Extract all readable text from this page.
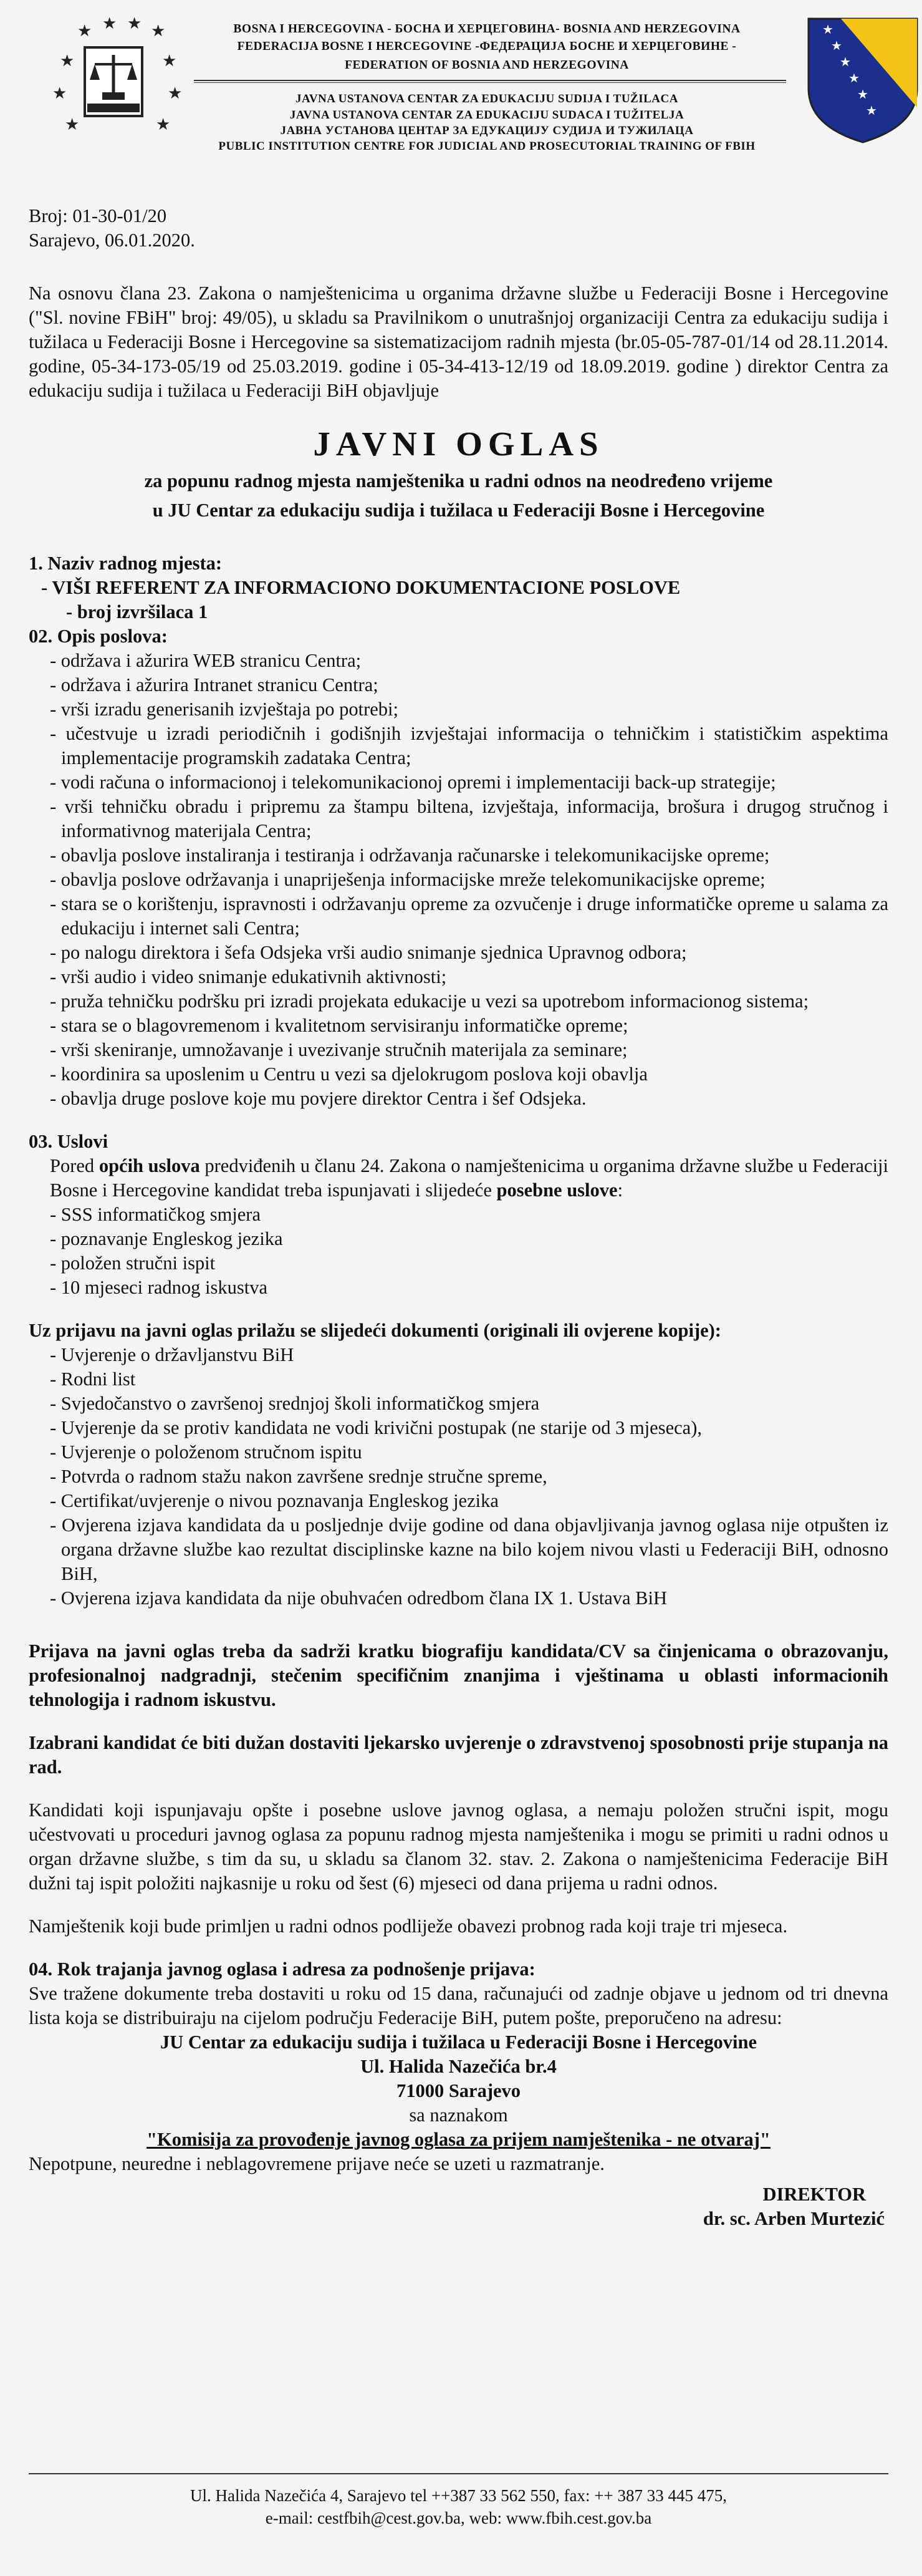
★ ★ ★ ★
★	★
★	★
★	★
BOSNA I HERCEGOVINA - БОСНА И ХЕРЦЕГОВИНА- BOSNIA AND HERZEGOVINA
FEDERACIJA BOSNE I HERCEGOVINE -ФЕДЕРАЦИЈА БОСНЕ И ХЕРЦЕГОВИНЕ -
FEDERATION OF BOSNIA AND HERZEGOVINA
JAVNA USTANOVA CENTAR ZA EDUKACIJU SUDIJA I TUŽILACA
JAVNA USTANOVA CENTAR ZA EDUKACIJU SUDACA I TUŽITELJA
ЈАВНА УСТАНОВА ЦЕНТАР ЗА ЕДУКАЦИЈУ СУДИЈА И ТУЖИЛАЦА
PUBLIC INSTITUTION CENTRE FOR JUDICIAL AND PROSECUTORIAL TRAINING OF FBIH
★
★
★
★
★
★

Broj: 01-30-01/20

Sarajevo, 06.01.2020.

Na osnovu člana 23. Zakona o namještenicima u organima državne službe u Federaciji Bosne i Hercegovine ("Sl. novine FBiH" broj: 49/05), u skladu sa Pravilnikom o unutrašnjoj organizaciji Centra za edukaciju sudija i tužilaca u Federaciji Bosne i Hercegovine sa sistematizacijom radnih mjesta (br.05-05-787-01/14 od 28.11.2014. godine, 05-34-173-05/19 od 25.03.2019. godine i 05-34-413-12/19 od 18.09.2019. godine ) direktor Centra za edukaciju sudija i tužilaca u Federaciji BiH objavljuje

JAVNI OGLAS
za popunu radnog mjesta namještenika u radni odnos na neodređeno vrijeme
u JU Centar za edukaciju sudija i tužilaca u Federaciji Bosne i Hercegovine

1. Naziv radnog mjesta:

- VIŠI REFERENT ZA INFORMACIONO DOKUMENTACIONE POSLOVE

- broj izvršilaca 1

02. Opis poslova:

- održava i ažurira WEB stranicu Centra;
- održava i ažurira Intranet stranicu Centra;
- vrši izradu generisanih izvještaja po potrebi;
- učestvuje u izradi periodičnih i godišnjih izvještajai informacija o tehničkim i statističkim aspektima implementacije programskih zadataka Centra;
- vodi računa o informacionoj i telekomunikacionoj opremi i implementaciji back-up strategije;
- vrši tehničku obradu i pripremu za štampu biltena, izvještaja, informacija, brošura i drugog stručnog i informativnog materijala Centra;
- obavlja poslove instaliranja i testiranja i održavanja računarske i telekomunikacijske opreme;
- obavlja poslove održavanja i unapriješenja informacijske mreže telekomunikacijske opreme;
- stara se o korištenju, ispravnosti i održavanju opreme za ozvučenje i druge informatičke opreme u salama za edukaciju i internet sali Centra;
- po nalogu direktora i šefa Odsjeka vrši audio snimanje sjednica Upravnog odbora;
- vrši audio i video snimanje edukativnih aktivnosti;
- pruža tehničku podršku pri izradi projekata edukacije u vezi sa upotrebom informacionog sistema;
- stara se o blagovremenom i kvalitetnom servisiranju informatičke opreme;
- vrši skeniranje, umnožavanje i uvezivanje stručnih materijala za seminare;
- koordinira sa uposlenim u Centru u vezi sa djelokrugom poslova koji obavlja
- obavlja druge poslove koje mu povjere direktor Centra i šef Odsjeka.

03. Uslovi

Pored općih uslova predviđenih u članu 24. Zakona o namještenicima u organima državne službe u Federaciji Bosne i Hercegovine kandidat treba ispunjavati i slijedeće posebne uslove:

- SSS informatičkog smjera
- poznavanje Engleskog jezika
- položen stručni ispit
- 10 mjeseci radnog iskustva

Uz prijavu na javni oglas prilažu se slijedeći dokumenti (originali ili ovjerene kopije):

- Uvjerenje o državljanstvu BiH
- Rodni list
- Svjedočanstvo o završenoj srednjoj školi informatičkog smjera
- Uvjerenje da se protiv kandidata ne vodi krivični postupak (ne starije od 3 mjeseca),
- Uvjerenje o položenom stručnom ispitu
- Potvrda o radnom stažu nakon završene srednje stručne spreme,
- Certifikat/uvjerenje o nivou poznavanja Engleskog jezika
- Ovjerena izjava kandidata da u posljednje dvije godine od dana objavljivanja javnog oglasa nije otpušten iz organa državne službe kao rezultat disciplinske kazne na bilo kojem nivou vlasti u Federaciji BiH, odnosno BiH,
- Ovjerena izjava kandidata da nije obuhvaćen odredbom člana IX 1. Ustava BiH

Prijava na javni oglas treba da sadrži kratku biografiju kandidata/CV sa činjenicama o obrazovanju, profesionalnoj nadgradnji, stečenim specifičnim znanjima i vještinama u oblasti informacionih tehnologija i radnom iskustvu.

Izabrani kandidat će biti dužan dostaviti ljekarsko uvjerenje o zdravstvenoj sposobnosti prije stupanja na rad.

Kandidati koji ispunjavaju opšte i posebne uslove javnog oglasa, a nemaju položen stručni ispit, mogu učestvovati u proceduri javnog oglasa za popunu radnog mjesta namještenika i mogu se primiti u radni odnos u organ državne službe, s tim da su, u skladu sa članom 32. stav. 2. Zakona o namještenicima Federacije BiH dužni taj ispit položiti najkasnije u roku od šest (6) mjeseci od dana prijema u radni odnos.

Namještenik koji bude primljen u radni odnos podliježe obavezi probnog rada koji traje tri mjeseca.

04. Rok trajanja javnog oglasa i adresa za podnošenje prijava:

Sve tražene dokumente treba dostaviti u roku od 15 dana, računajući od zadnje objave u jednom od tri dnevna lista koja se distribuiraju na cijelom području Federacije BiH, putem pošte, preporučeno na adresu:

JU Centar za edukaciju sudija i tužilaca u Federaciji Bosne i Hercegovine

Ul. Halida Nazečića br.4

71000 Sarajevo

sa naznakom

"Komisija za provođenje javnog oglasa za prijem namještenika - ne otvaraj"

Nepotpune, neuredne i neblagovremene prijave neće se uzeti u razmatranje.

DIREKTOR

dr. sc. Arben Murtezić

Ul. Halida Nazečića 4, Sarajevo tel ++387 33 562 550, fax: ++ 387 33 445 475,
e-mail: cestfbih@cest.gov.ba, web: www.fbih.cest.gov.ba
